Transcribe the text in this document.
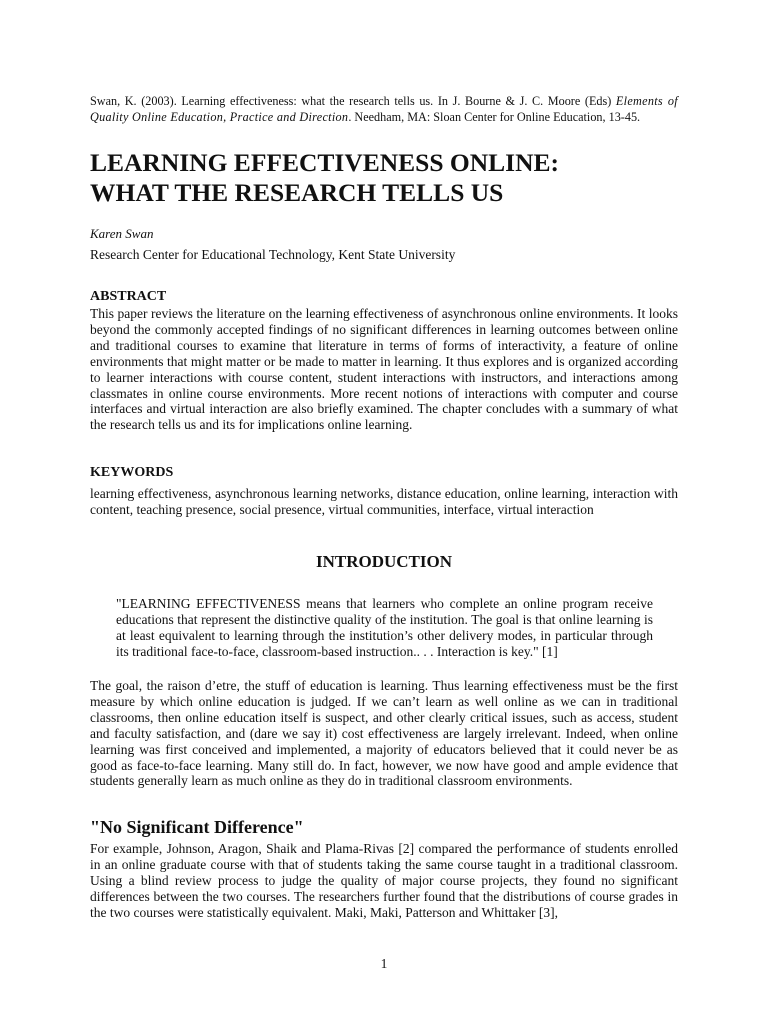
Swan, K. (2003). Learning effectiveness: what the research tells us. In J. Bourne & J. C. Moore (Eds) Elements of Quality Online Education, Practice and Direction. Needham, MA: Sloan Center for Online Education, 13-45.
LEARNING EFFECTIVENESS ONLINE:
WHAT THE RESEARCH TELLS US
Karen Swan
Research Center for Educational Technology, Kent State University
ABSTRACT

This paper reviews the literature on the learning effectiveness of asynchronous online environments. It looks beyond the commonly accepted findings of no significant differences in learning outcomes between online and traditional courses to examine that literature in terms of forms of interactivity, a feature of online environments that might matter or be made to matter in learning. It thus explores and is organized according to learner interactions with course content, student interactions with instructors, and interactions among classmates in online course environments. More recent notions of interactions with computer and course interfaces and virtual interaction are also briefly examined. The chapter concludes with a summary of what the research tells us and its for implications online learning.

KEYWORDS

learning effectiveness, asynchronous learning networks, distance education, online learning, interaction with content, teaching presence, social presence, virtual communities, interface, virtual interaction

INTRODUCTION

"LEARNING EFFECTIVENESS means that learners who complete an online program receive educations that represent the distinctive quality of the institution. The goal is that online learning is at least equivalent to learning through the institution’s other delivery modes, in particular through its traditional face-to-face, classroom-based instruction.. . . Interaction is key." [1]

The goal, the raison d’etre, the stuff of education is learning. Thus learning effectiveness must be the first measure by which online education is judged. If we can’t learn as well online as we can in traditional classrooms, then online education itself is suspect, and other clearly critical issues, such as access, student and faculty satisfaction, and (dare we say it) cost effectiveness are largely irrelevant. Indeed, when online learning was first conceived and implemented, a majority of educators believed that it could never be as good as face-to-face learning. Many still do. In fact, however, we now have good and ample evidence that students generally learn as much online as they do in traditional classroom environments.

"No Significant Difference"

For example, Johnson, Aragon, Shaik and Plama-Rivas [2] compared the performance of students enrolled in an online graduate course with that of students taking the same course taught in a traditional classroom. Using a blind review process to judge the quality of major course projects, they found no significant differences between the two courses. The researchers further found that the distributions of course grades in the two courses were statistically equivalent. Maki, Maki, Patterson and Whittaker [3],

1
